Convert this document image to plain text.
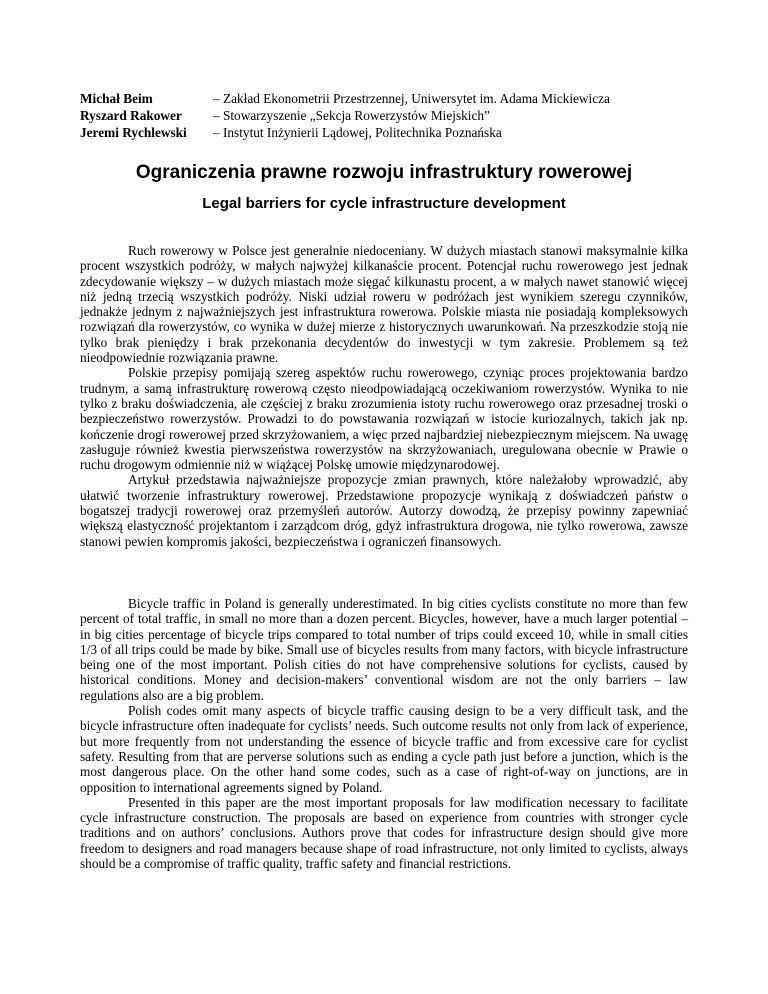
Michał Beim	– Zakład Ekonometrii Przestrzennej, Uniwersytet im. Adama Mickiewicza
Ryszard Rakower	– Stowarzyszenie „Sekcja Rowerzystów Miejskich”
Jeremi Rychlewski	– Instytut Inżynierii Lądowej, Politechnika Poznańska
Ograniczenia prawne rozwoju infrastruktury rowerowej
Legal barriers for cycle infrastructure development

Ruch rowerowy w Polsce jest generalnie niedoceniany. W dużych miastach stanowi maksymalnie kilka procent wszystkich podróży, w małych najwyżej kilkanaście procent. Potencjał ruchu rowerowego jest jednak zdecydowanie większy – w dużych miastach może sięgać kilkunastu procent, a w małych nawet stanowić więcej niż jedną trzecią wszystkich podróży. Niski udział roweru w podróżach jest wynikiem szeregu czynników, jednakże jednym z najważniejszych jest infrastruktura rowerowa. Polskie miasta nie posiadają kompleksowych rozwiązań dla rowerzystów, co wynika w dużej mierze z historycznych uwarunkowań. Na przeszkodzie stoją nie tylko brak pieniędzy i brak przekonania decydentów do inwestycji w tym zakresie. Problemem są też nieodpowiednie rozwiązania prawne.

Polskie przepisy pomijają szereg aspektów ruchu rowerowego, czyniąc proces projektowania bardzo trudnym, a samą infrastrukturę rowerową często nieodpowiadającą oczekiwaniom rowerzystów. Wynika to nie tylko z braku doświadczenia, ale częściej z braku zrozumienia istoty ruchu rowerowego oraz przesadnej troski o bezpieczeństwo rowerzystów. Prowadzi to do powstawania rozwiązań w istocie kuriozalnych, takich jak np. kończenie drogi rowerowej przed skrzyżowaniem, a więc przed najbardziej niebezpiecznym miejscem. Na uwagę zasługuje również kwestia pierwszeństwa rowerzystów na skrzyżowaniach, uregulowana obecnie w Prawie o ruchu drogowym odmiennie niż w wiążącej Polskę umowie międzynarodowej.

Artykuł przedstawia najważniejsze propozycje zmian prawnych, które należałoby wprowadzić, aby ułatwić tworzenie infrastruktury rowerowej. Przedstawione propozycje wynikają z doświadczeń państw o bogatszej tradycji rowerowej oraz przemyśleń autorów. Autorzy dowodzą, że przepisy powinny zapewniać większą elastyczność projektantom i zarządcom dróg, gdyż infrastruktura drogowa, nie tylko rowerowa, zawsze stanowi pewien kompromis jakości, bezpieczeństwa i ograniczeń finansowych.

Bicycle traffic in Poland is generally underestimated. In big cities cyclists constitute no more than few percent of total traffic, in small no more than a dozen percent. Bicycles, however, have a much larger potential – in big cities percentage of bicycle trips compared to total number of trips could exceed 10, while in small cities 1/3 of all trips could be made by bike. Small use of bicycles results from many factors, with bicycle infrastructure being one of the most important. Polish cities do not have comprehensive solutions for cyclists, caused by historical conditions. Money and decision-makers’ conventional wisdom are not the only barriers – law regulations also are a big problem.

Polish codes omit many aspects of bicycle traffic causing design to be a very difficult task, and the bicycle infrastructure often inadequate for cyclists’ needs. Such outcome results not only from lack of experience, but more frequently from not understanding the essence of bicycle traffic and from excessive care for cyclist safety. Resulting from that are perverse solutions such as ending a cycle path just before a junction, which is the most dangerous place. On the other hand some codes, such as a case of right-of-way on junctions, are in opposition to international agreements signed by Poland.

Presented in this paper are the most important proposals for law modification necessary to facilitate cycle infrastructure construction. The proposals are based on experience from countries with stronger cycle traditions and on authors’ conclusions. Authors prove that codes for infrastructure design should give more freedom to designers and road managers because shape of road infrastructure, not only limited to cyclists, always should be a compromise of traffic quality, traffic safety and financial restrictions.
